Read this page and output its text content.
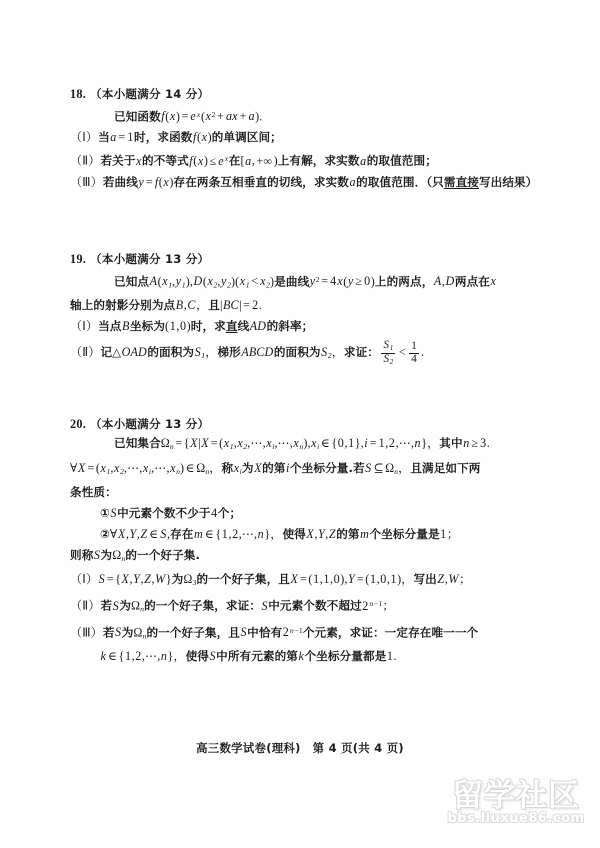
18. （本小题满分 14 分）
已知函数$f(x) = e^x(x^2$ + ax + a).
（Ⅰ）当a = 1时，求函数f(x)的单调区间；
（Ⅱ）若关于x的不等式$f(x) \le e^x$在[a, +∞ )上有解，求实数a的取值范围；
（Ⅲ）若曲线y = f(x)存在两条互相垂直的切线，求实数a的取值范围．（只需直接写出结果）
19. （本小题满分 13 分）
已知点$A(x_1,y_1),D(x_2,y_2)(x_1 < x_2)$是曲线$y^2 = 4x(y \ge 0)$上的两点，A,D两点在x
轴上的射影分别为点B,C，且|BC| = 2.
（Ⅰ）当点B坐标为(1,0)时，求直线AD的斜率；
（Ⅱ）记△OAD的面积为$S_1$，梯形ABCD的面积为$S_2$，求证： $\frac{S_1}{S_2} < \frac{1}{4}$ .
20. （本小题满分 13 分）
已知集合$\Omega_n = \{X|X$ = $(x_1,x_2,\cdots,x_i,\cdots,x_n),x_i$ ∈ {0,1},i = 1,2,⋯,n}，其中n ≥ 3.
∀X = $(x_1,x_2,\cdots,x_i,\cdots,x_n)$ ∈ $\Omega_n$，称$x_i$为X的第i个坐标分量.若S ⊆ $\Omega_n$，且满足如下两
条性质：
①S中元素个数不少于4个；
②∀X,Y,Z ∈ S,存在m ∈ {1,2,⋯,n}，使得X,Y,Z的第m个坐标分量是1；
则称S为$\Omega_n$的一个好子集.
（Ⅰ）S = {X,Y,Z,W}为$\Omega_3$的一个好子集，且X = (1,1,0),Y = (1,0,1)，写出Z,W；
（Ⅱ）若S为$\Omega_n$的一个好子集，求证：S中元素个数不超过$2^{n-1}$；
（Ⅲ）若S为$\Omega_n$的一个好子集，且S中恰有$2^{n-1}$个元素，求证：一定存在唯一一个
k ∈ {1,2,⋯,n}，使得S中所有元素的第k个坐标分量都是1.
高三数学试卷(理科) 第 4 页(共 4 页)
留学社区
bbs.liuxue86.com
